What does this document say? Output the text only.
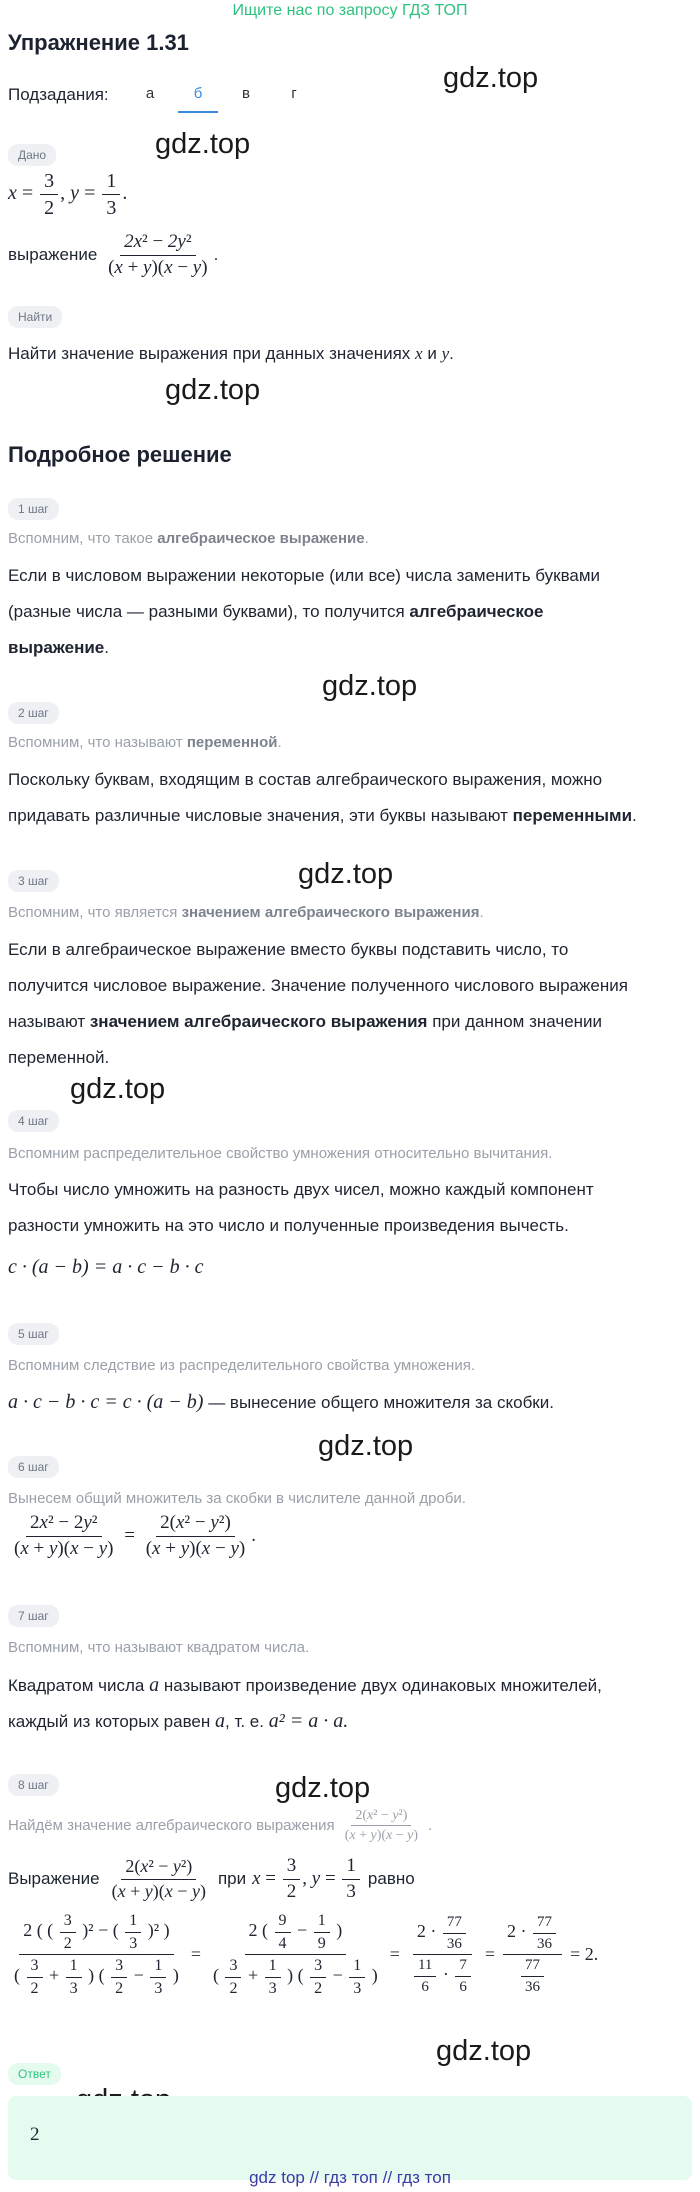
Ищите нас по запросу ГДЗ ТОП
Упражнение 1.31
Подзадания:	а	б	в	г	gdz.top
gdz.top
gdz.top
gdz.top
gdz.top
gdz.top
gdz.top
gdz.top
gdz.top
Дано
$x = \frac{3}{2}$ , $y = \frac{1}{3}$ .
выражение $\frac{\text{2x² − 2y²}}{(x + y)(x - y)}$ .
Найти
Найти значение выражения при данных значениях x и y.
Подробное решение
1 шаг
Вспомним, что такое алгебраическое выражение.
Если в числовом выражении некоторые (или все) числа заменить буквами
(разные числа — разными буквами), то получится алгебраическое
выражение.
2 шаг
Вспомним, что называют переменной.
Поскольку буквам, входящим в состав алгебраического выражения, можно
придавать различные числовые значения, эти буквы называют переменными.
3 шаг
Вспомним, что является значением алгебраического выражения.
Если в алгебраическое выражение вместо буквы подставить число, то
получится числовое выражение. Значение полученного числового выражения
называют значением алгебраического выражения при данном значении
переменной.
4 шаг
Вспомним распределительное свойство умножения относительно вычитания.
Чтобы число умножить на разность двух чисел, можно каждый компонент
разности умножить на это число и полученные произведения вычесть.
c · (a − b) = a · c − b · c
5 шаг
Вспомним следствие из распределительного свойства умножения.
a · c − b · c = c · (a − b) — вынесение общего множителя за скобки.
6 шаг
Вынесем общий множитель за скобки в числителе данной дроби.
$\frac{\text{2x² − 2y²}}{(x + y)(x - y)} = \frac{\text{2(x² − y²)}}{(x + y)(x - y)}$ .
7 шаг
Вспомним, что называют квадратом числа.
Квадратом числа a называют произведение двух одинаковых множителей,
каждый из которых равен a, т. е. a² = a · a.
8 шаг
Найдём значение алгебраического выражения $\frac{\text{2(x² − y²)}}{(x + y)(x - y)}$ .
Выражение $\frac{\text{2(x² − y²)}}{(x + y)(x - y)}$ при $x = \frac{3}{2}$ , $y = \frac{1}{3}$ равно
$\frac{2 ( ( \frac{3}{2} )^2 - ( \frac{1}{3} )^2 )}{( \frac{3}{2} + \frac{1}{3} ) ( \frac{3}{2} - \frac{1}{3} )} = \frac{2 ( \frac{9}{4} - \frac{1}{9} )}{( \frac{3}{2} + \frac{1}{3} ) ( \frac{3}{2} - \frac{1}{3} )} = \frac{2 \cdot \frac{77}{36}}{\frac{11}{6} \cdot \frac{7}{6}} = \frac{2 \cdot \frac{77}{36}}{\frac{77}{36}} = 2$.
Ответ
2
gdz top // гдз топ // гдз топ
